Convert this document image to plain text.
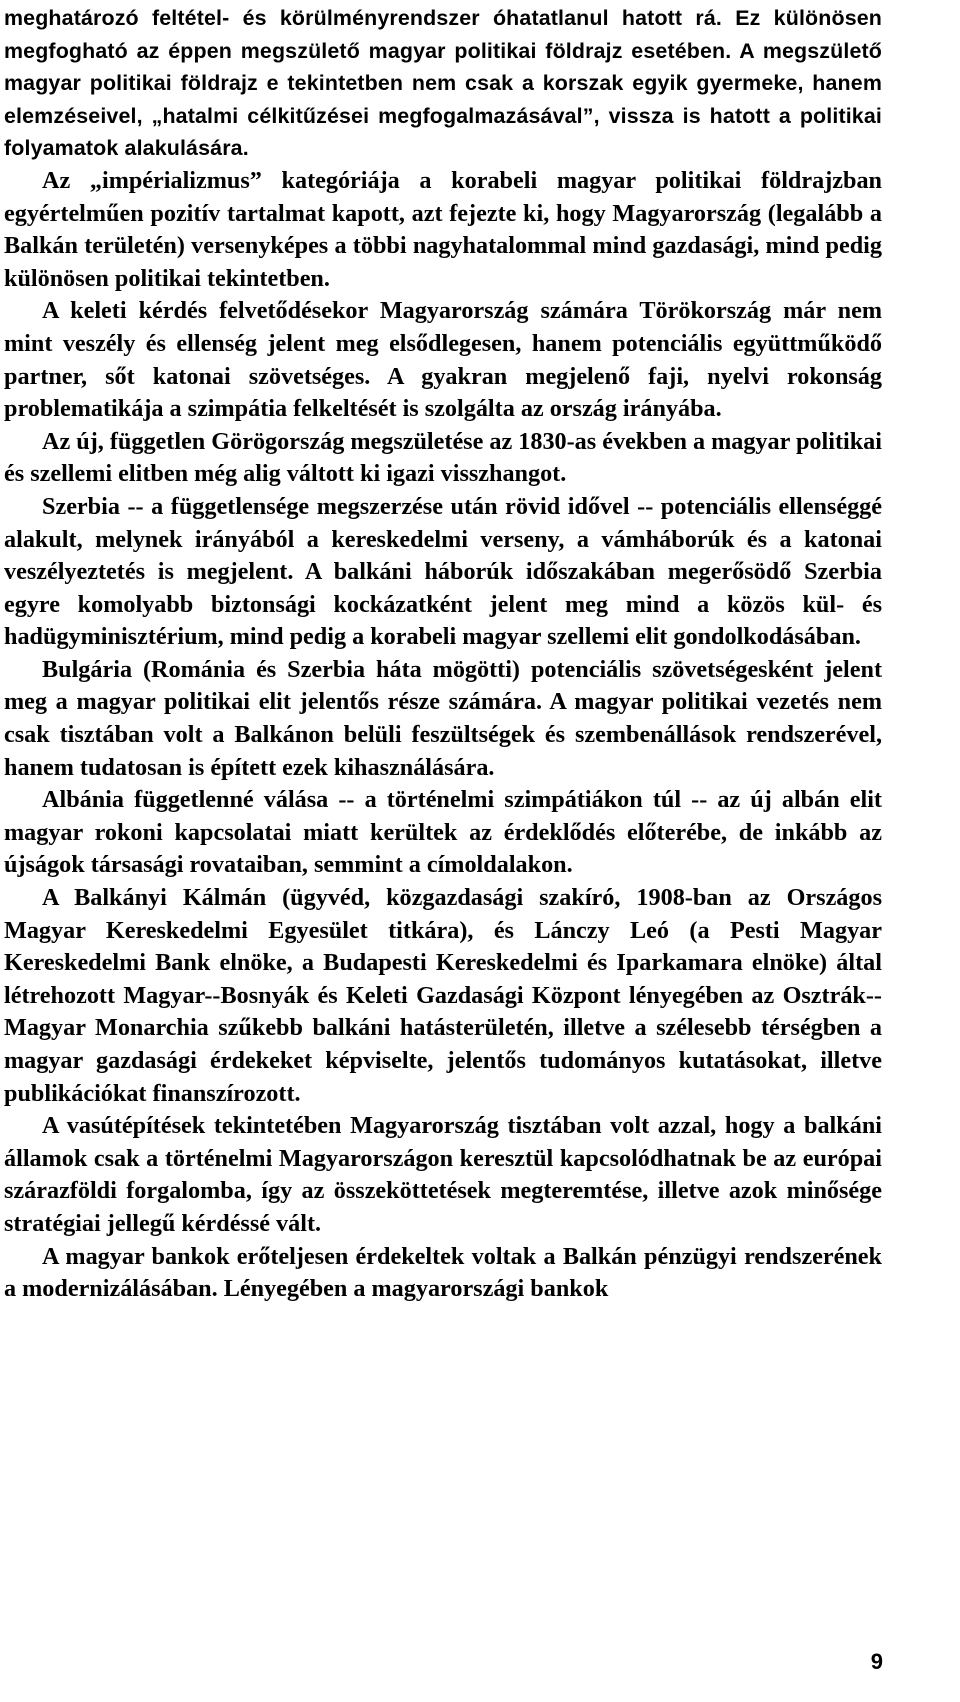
meghatározó feltétel- és körülményrendszer óhatatlanul hatott rá. Ez különösen megfogható az éppen megszülető magyar politikai földrajz esetében. A megszülető magyar politikai földrajz e tekintetben nem csak a korszak egyik gyermeke, hanem elemzéseivel, „hatalmi célkitűzései megfogalmazásával”, vissza is hatott a politikai folyamatok alakulására.

Az „impérializmus” kategóriája a korabeli magyar politikai földrajzban egyértelműen pozitív tartalmat kapott, azt fejezte ki, hogy Magyarország (legalább a Balkán területén) versenyképes a többi nagyhatalommal mind gazdasági, mind pedig különösen politikai tekintetben.

A keleti kérdés felvetődésekor Magyarország számára Törökország már nem mint veszély és ellenség jelent meg elsődlegesen, hanem potenciális együttműködő partner, sőt katonai szövetséges. A gyakran megjelenő faji, nyelvi rokonság problematikája a szimpátia felkeltését is szolgálta az ország irányába.

Az új, független Görögország megszületése az 1830-as években a magyar politikai és szellemi elitben még alig váltott ki igazi visszhangot.

Szerbia -- a függetlensége megszerzése után rövid idővel -- potenciális ellenséggé alakult, melynek irányából a kereskedelmi verseny, a vámháborúk és a katonai veszélyeztetés is megjelent. A balkáni háborúk időszakában megerősödő Szerbia egyre komolyabb biztonsági kockázatként jelent meg mind a közös kül- és hadügyminisztérium, mind pedig a korabeli magyar szellemi elit gondolkodásában.

Bulgária (Románia és Szerbia háta mögötti) potenciális szövetségesként jelent meg a magyar politikai elit jelentős része számára. A magyar politikai vezetés nem csak tisztában volt a Balkánon belüli feszültségek és szembenállások rendszerével, hanem tudatosan is épített ezek kihasználására.

Albánia függetlenné válása -- a történelmi szimpátiákon túl -- az új albán elit magyar rokoni kapcsolatai miatt kerültek az érdeklődés előterébe, de inkább az újságok társasági rovataiban, semmint a címoldalakon.

A Balkányi Kálmán (ügyvéd, közgazdasági szakíró, 1908-ban az Országos Magyar Kereskedelmi Egyesület titkára), és Lánczy Leó (a Pesti Magyar Kereskedelmi Bank elnöke, a Budapesti Kereskedelmi és Iparkamara elnöke) által létrehozott Magyar--Bosnyák és Keleti Gazdasági Központ lényegében az Osztrák--Magyar Monarchia szűkebb balkáni hatásterületén, illetve a szélesebb térségben a magyar gazdasági érdekeket képviselte, jelentős tudományos kutatásokat, illetve publikációkat finanszírozott.

A vasútépítések tekintetében Magyarország tisztában volt azzal, hogy a balkáni államok csak a történelmi Magyarországon keresztül kapcsolódhatnak be az európai szárazföldi forgalomba, így az összeköttetések megteremtése, illetve azok minősége stratégiai jellegű kérdéssé vált.

A magyar bankok erőteljesen érdekeltek voltak a Balkán pénzügyi rendszerének a modernizálásában. Lényegében a magyarországi bankok

9
